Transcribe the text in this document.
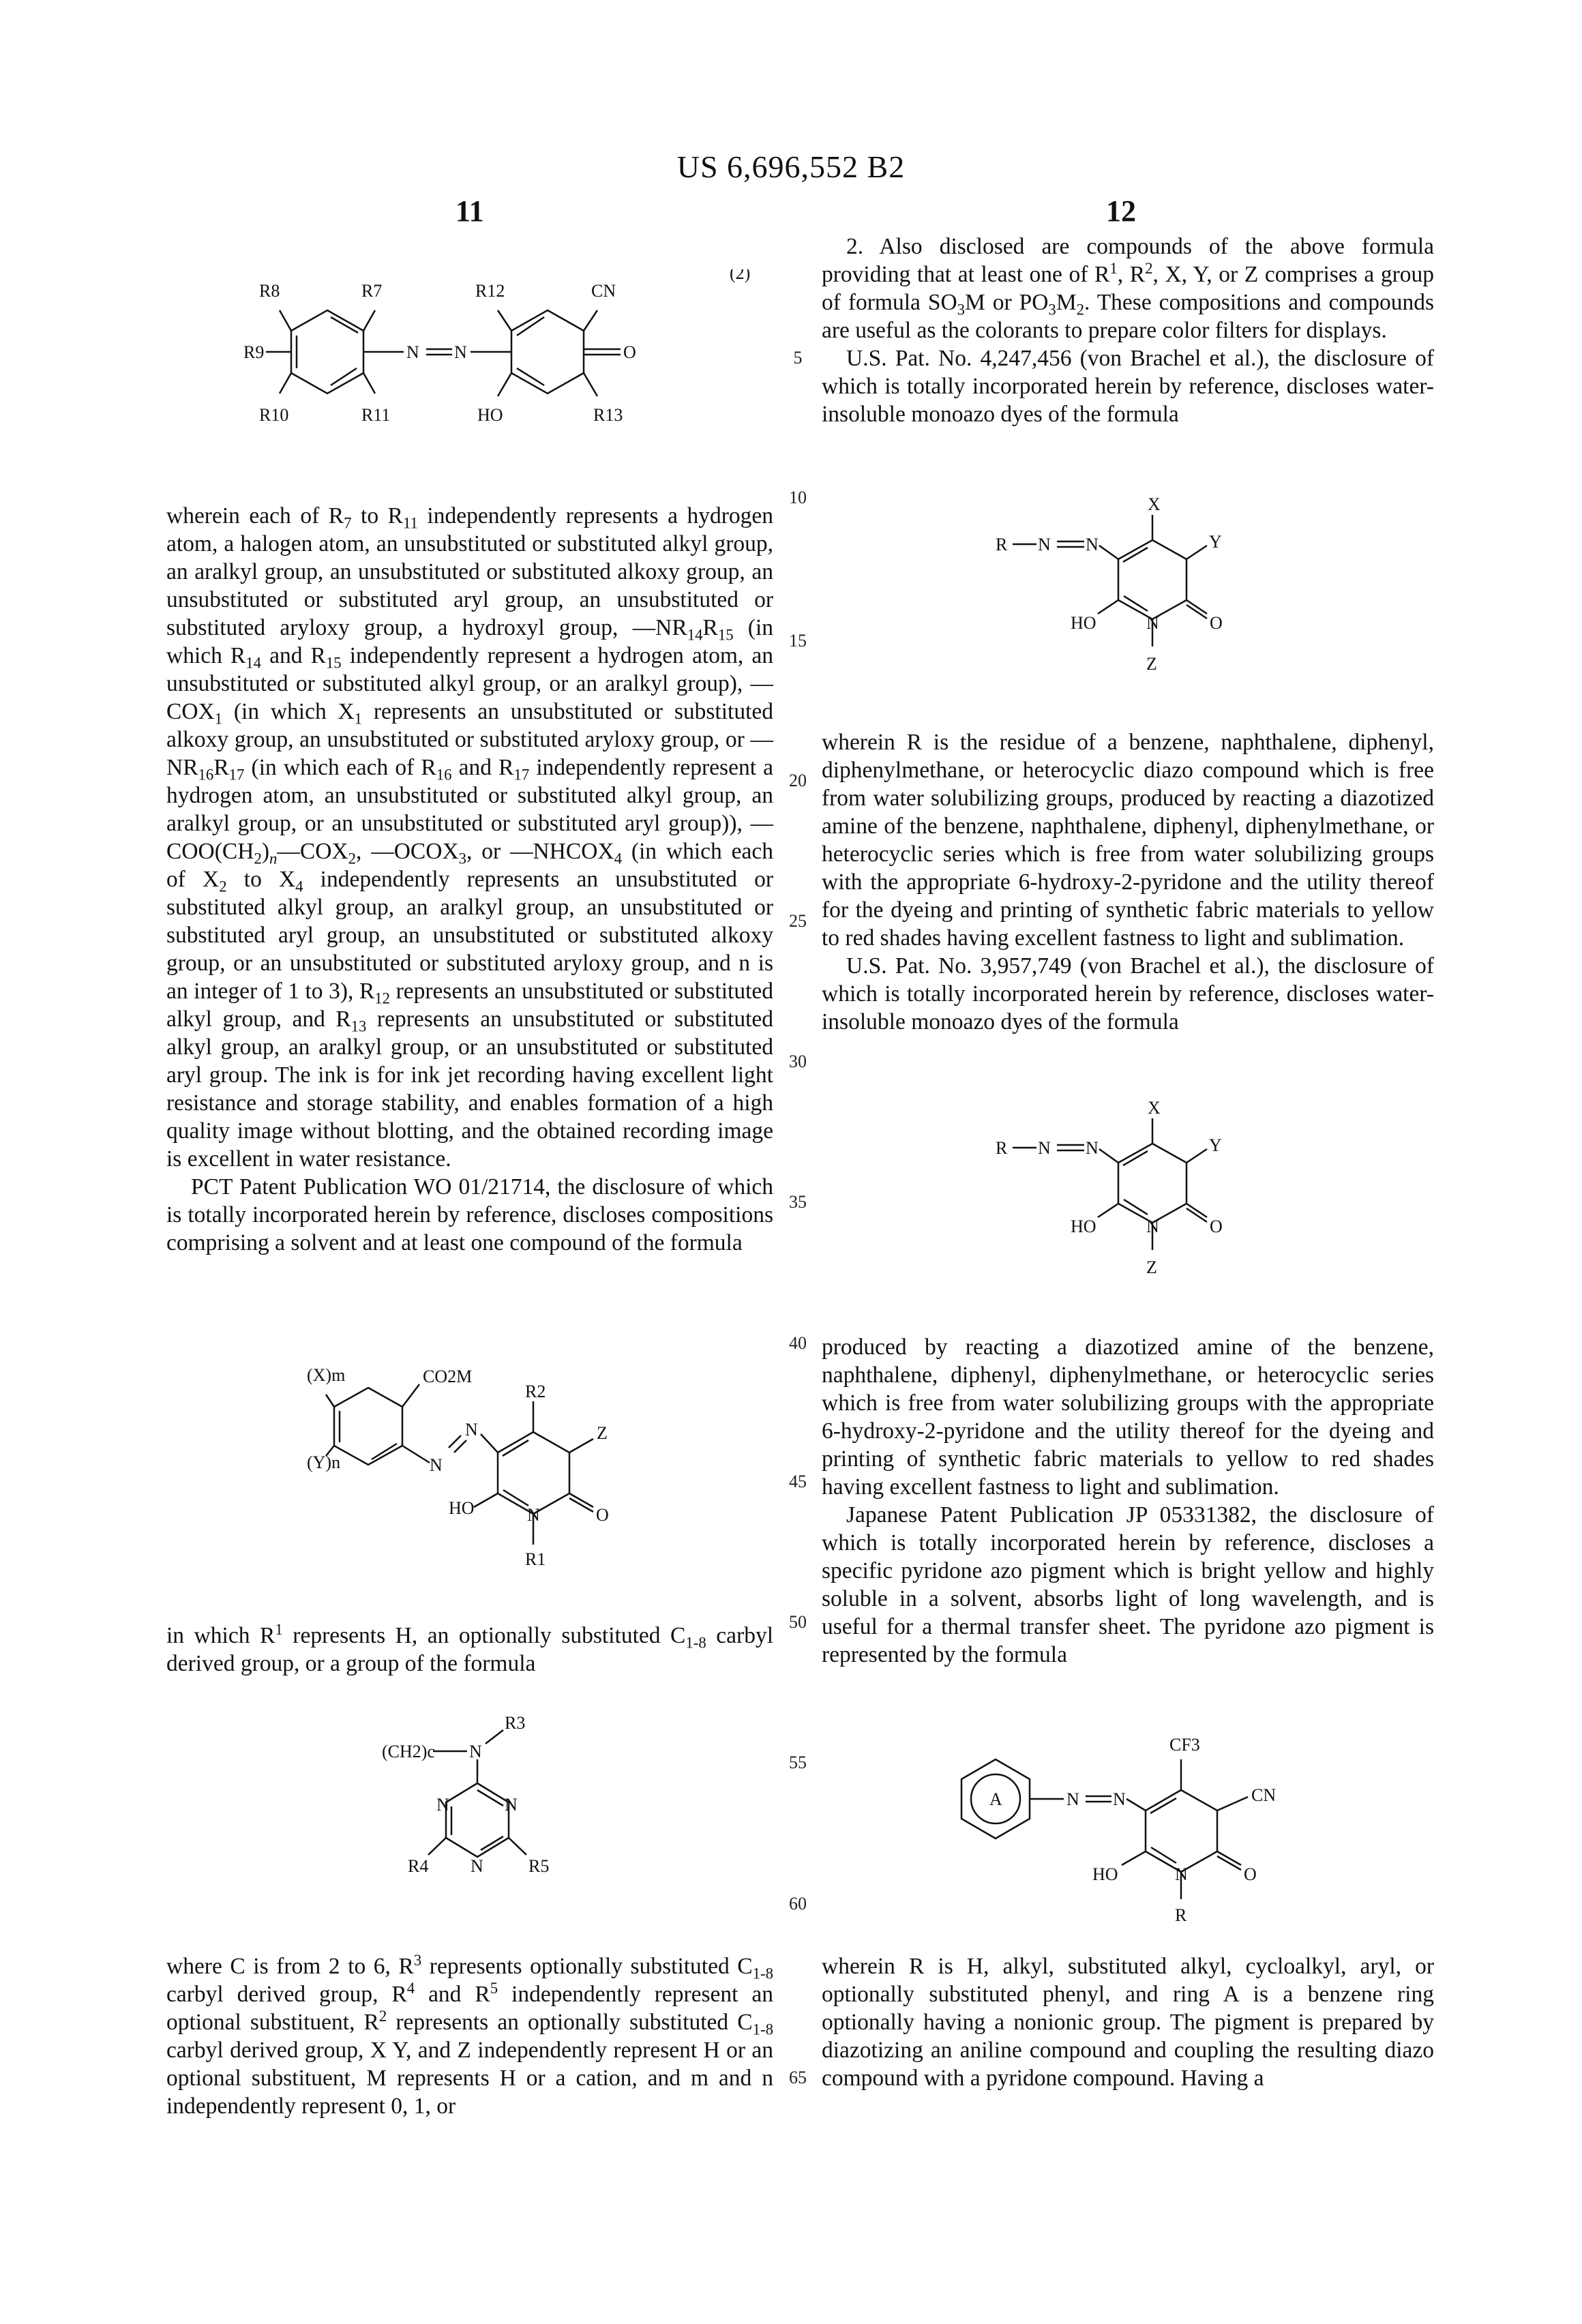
US 6,696,552 B2
11	12
5
10
15
20
25
30
35
40
45
50
55
60
65
(2)
R8	R7	R12	CN
R9	N N	O
R10	R11	HO	R13

wherein each of R7 to R11 independently represents a hydrogen atom, a halogen atom, an unsubstituted or substituted alkyl group, an aralkyl group, an unsubstituted or substituted alkoxy group, an unsubstituted or substituted aryl group, an unsubstituted or substituted aryloxy group, a hydroxyl group, —NR14R15 (in which R14 and R15 independently represent a hydrogen atom, an unsubstituted or substituted alkyl group, or an aralkyl group), —COX1 (in which X1 represents an unsubstituted or substituted alkoxy group, an unsubstituted or substituted aryloxy group, or —NR16R17 (in which each of R16 and R17 independently represent a hydrogen atom, an unsubstituted or substituted alkyl group, an aralkyl group, or an unsubstituted or substituted aryl group)), —COO(CH2)n—COX2, —OCOX3, or —NHCOX4 (in which each of X2 to X4 independently represents an unsubstituted or substituted alkyl group, an aralkyl group, an unsubstituted or substituted aryl group, an unsubstituted or substituted alkoxy group, or an unsubstituted or substituted aryloxy group, and n is an integer of 1 to 3), R12 represents an unsubstituted or substituted alkyl group, and R13 represents an unsubstituted or substituted alkyl group, an aralkyl group, or an unsubstituted or substituted aryl group. The ink is for ink jet recording having excellent light resistance and storage stability, and enables formation of a high quality image without blotting, and the obtained recording image is excellent in water resistance.

PCT Patent Publication WO 01/21714, the disclosure of which is totally incorporated herein by reference, discloses compositions comprising a solvent and at least one compound of the formula

(X)m	CO2M
R2
N
N	Z
(Y)n
HO	N	O
R1

in which R1 represents H, an optionally substituted C1-8 carbyl derived group, or a group of the formula

(CH2)c N
R3
N	N
R4 N	R5

where C is from 2 to 6, R3 represents optionally substituted C1-8 carbyl derived group, R4 and R5 independently represent an optional substituent, R2 represents an optionally substituted C1-8 carbyl derived group, X Y, and Z independently represent H or an optional substituent, M represents H or a cation, and m and n independently represent 0, 1, or

2. Also disclosed are compounds of the above formula providing that at least one of R1, R2, X, Y, or Z comprises a group of formula SO3M or PO3M2. These compositions and compounds are useful as the colorants to prepare color filters for displays.

U.S. Pat. No. 4,247,456 (von Brachel et al.), the disclosure of which is totally incorporated herein by reference, discloses water-insoluble monoazo dyes of the formula

X
R N N	Y
HO	N	O
Z

wherein R is the residue of a benzene, naphthalene, diphenyl, diphenylmethane, or heterocyclic diazo compound which is free from water solubilizing groups, produced by reacting a diazotized amine of the benzene, naphthalene, diphenyl, diphenylmethane, or heterocyclic series which is free from water solubilizing groups with the appropriate 6-hydroxy-2-pyridone and the utility thereof for the dyeing and printing of synthetic fabric materials to yellow to red shades having excellent fastness to light and sublimation.

U.S. Pat. No. 3,957,749 (von Brachel et al.), the disclosure of which is totally incorporated herein by reference, discloses water-insoluble monoazo dyes of the formula

X
R N N	Y
HO	N	O
Z

produced by reacting a diazotized amine of the benzene, naphthalene, diphenyl, diphenylmethane, or heterocyclic series which is free from water solubilizing groups with the appropriate 6-hydroxy-2-pyridone and the utility thereof for the dyeing and printing of synthetic fabric materials to yellow to red shades having excellent fastness to light and sublimation.

Japanese Patent Publication JP 05331382, the disclosure of which is totally incorporated herein by reference, discloses a specific pyridone azo pigment which is bright yellow and highly soluble in a solvent, absorbs light of long wavelength, and is useful for a thermal transfer sheet. The pyridone azo pigment is represented by the formula

CF3
A	N N	CN
HO	N	O
R

wherein R is H, alkyl, substituted alkyl, cycloalkyl, aryl, or optionally substituted phenyl, and ring A is a benzene ring optionally having a nonionic group. The pigment is prepared by diazotizing an aniline compound and coupling the resulting diazo compound with a pyridone compound. Having a
